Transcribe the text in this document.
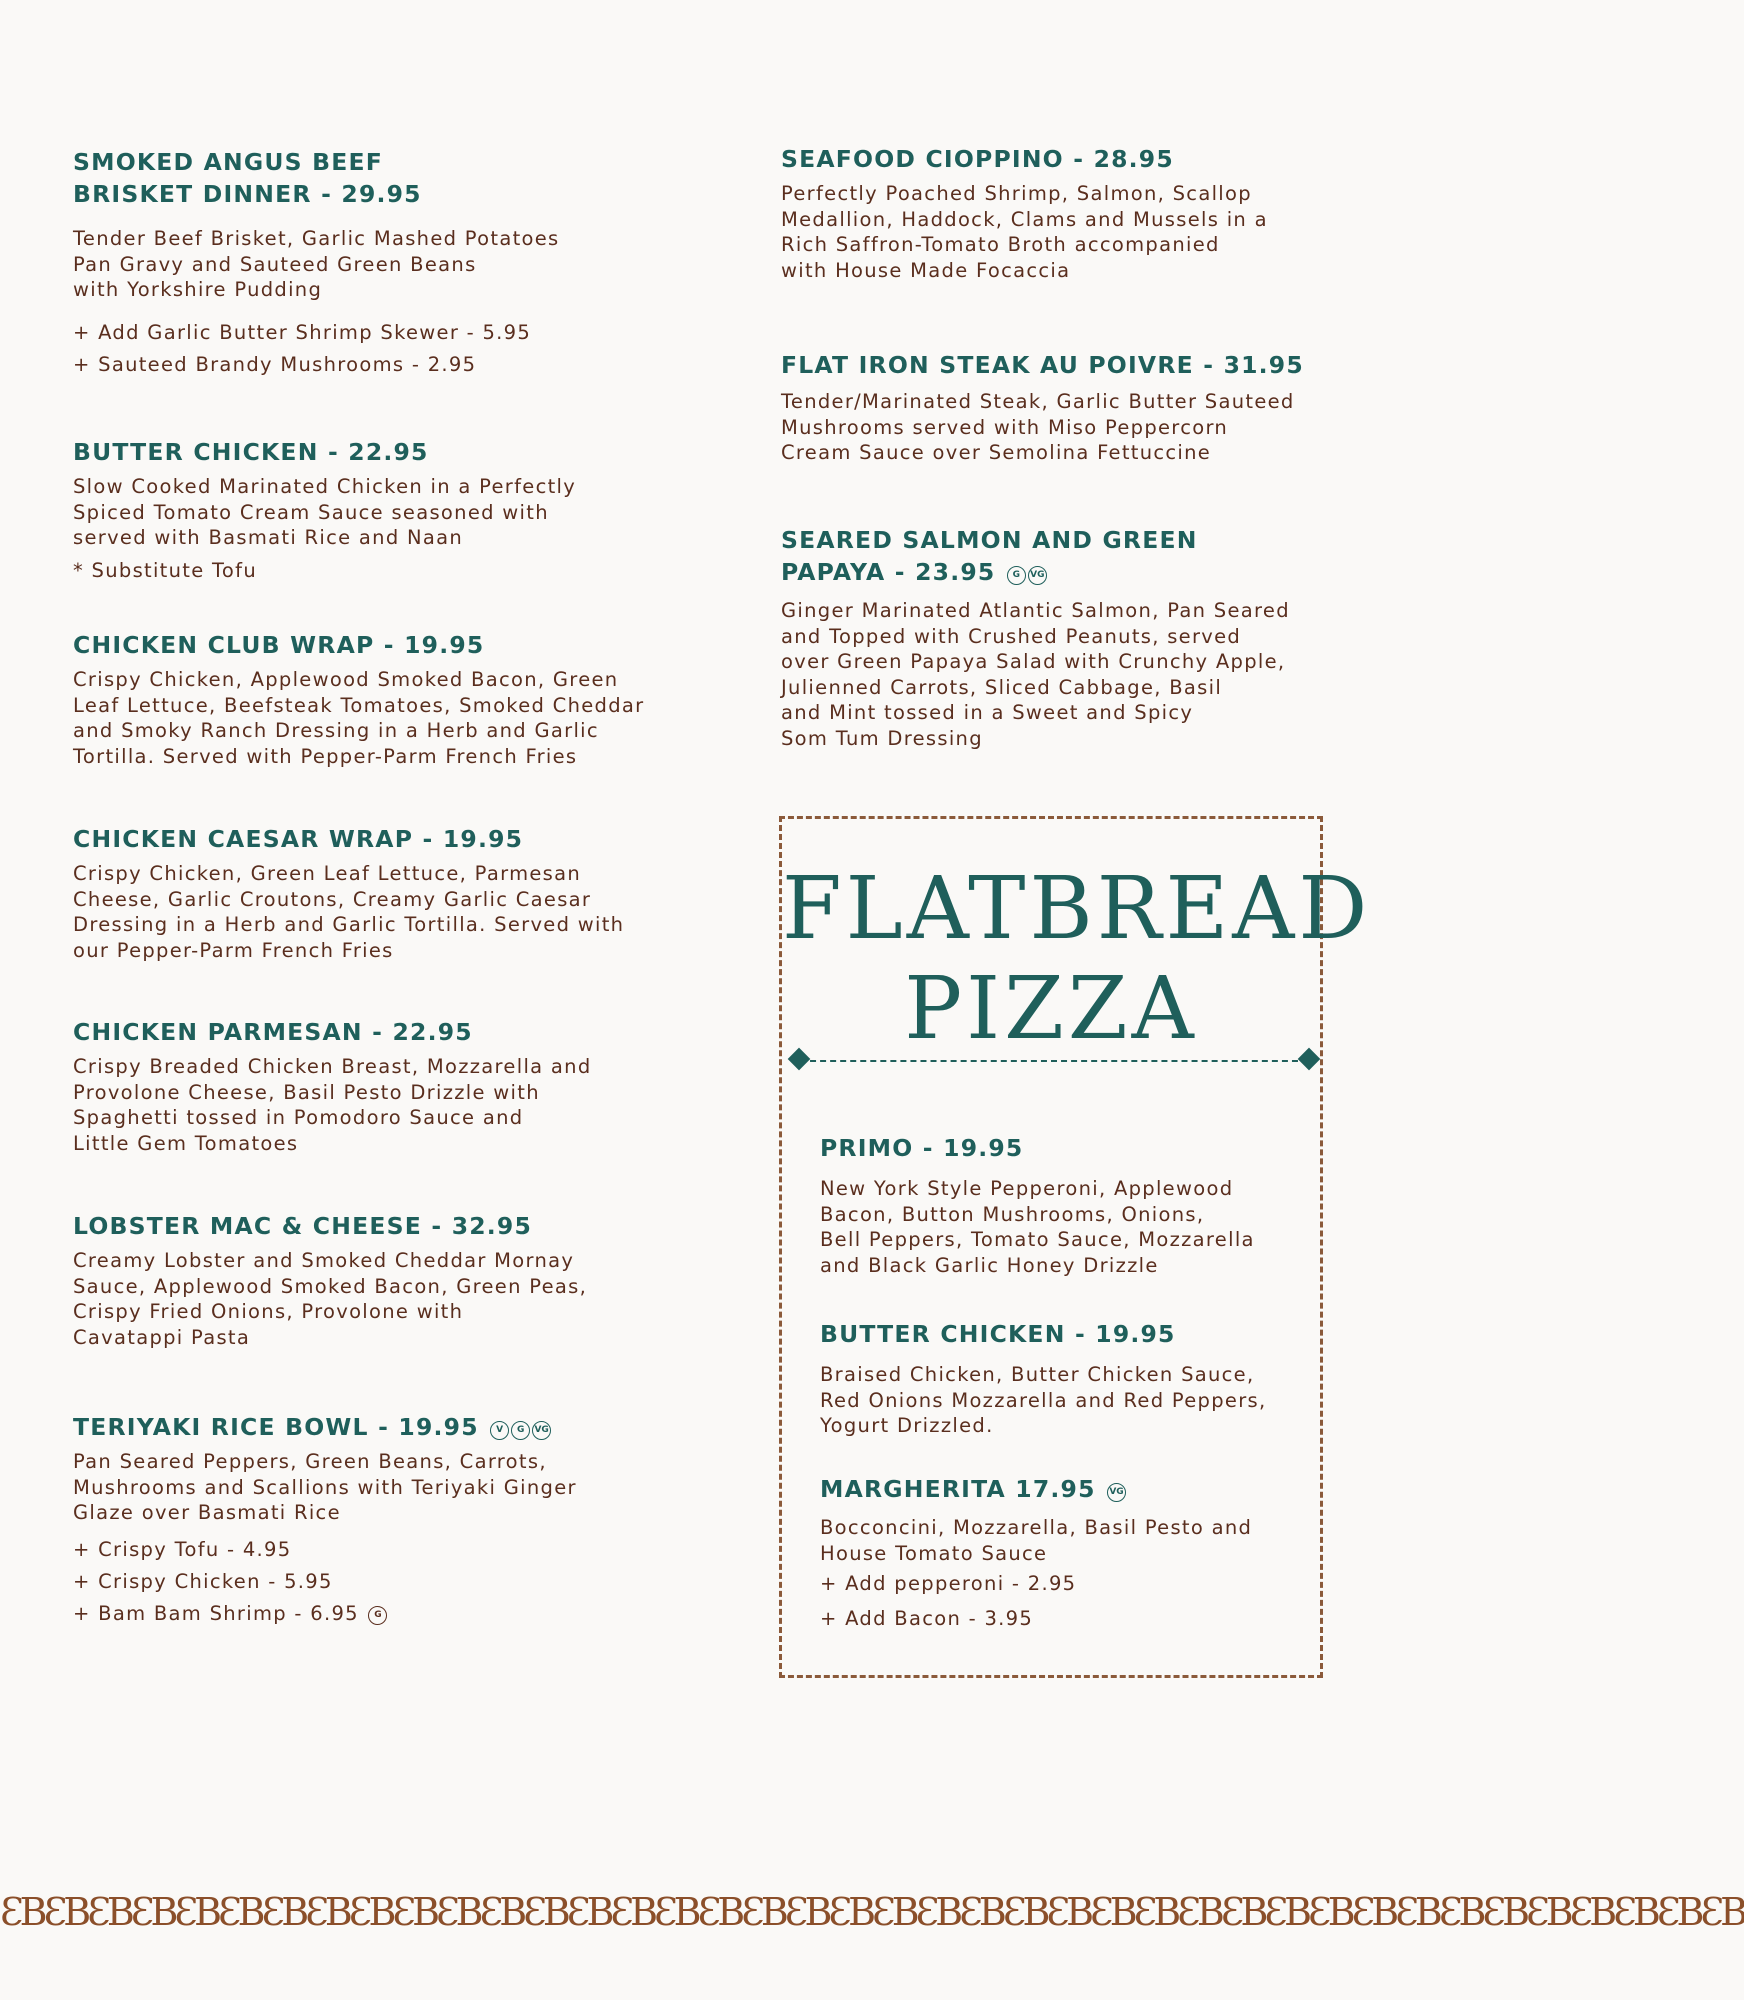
SMOKED ANGUS BEEF
BRISKET DINNER - 29.95
Tender Beef Brisket, Garlic Mashed Potatoes
Pan Gravy and Sauteed Green Beans
with Yorkshire Pudding
+ Add Garlic Butter Shrimp Skewer - 5.95
+ Sauteed Brandy Mushrooms - 2.95
BUTTER CHICKEN - 22.95
Slow Cooked Marinated Chicken in a Perfectly
Spiced Tomato Cream Sauce seasoned with
served with Basmati Rice and Naan
* Substitute Tofu
CHICKEN CLUB WRAP - 19.95
Crispy Chicken, Applewood Smoked Bacon, Green
Leaf Lettuce, Beefsteak Tomatoes, Smoked Cheddar
and Smoky Ranch Dressing in a Herb and Garlic
Tortilla. Served with Pepper-Parm French Fries
CHICKEN CAESAR WRAP - 19.95
Crispy Chicken, Green Leaf Lettuce, Parmesan
Cheese, Garlic Croutons, Creamy Garlic Caesar
Dressing in a Herb and Garlic Tortilla. Served with
our Pepper-Parm French Fries
CHICKEN PARMESAN - 22.95
Crispy Breaded Chicken Breast, Mozzarella and
Provolone Cheese, Basil Pesto Drizzle with
Spaghetti tossed in Pomodoro Sauce and
Little Gem Tomatoes
LOBSTER MAC & CHEESE - 32.95
Creamy Lobster and Smoked Cheddar Mornay
Sauce, Applewood Smoked Bacon, Green Peas,
Crispy Fried Onions, Provolone with
Cavatappi Pasta
TERIYAKI RICE BOWL - 19.95 V G VG
Pan Seared Peppers, Green Beans, Carrots,
Mushrooms and Scallions with Teriyaki Ginger
Glaze over Basmati Rice
+ Crispy Tofu - 4.95
+ Crispy Chicken - 5.95
+ Bam Bam Shrimp - 6.95 G
SEAFOOD CIOPPINO - 28.95
Perfectly Poached Shrimp, Salmon, Scallop
Medallion, Haddock, Clams and Mussels in a
Rich Saffron-Tomato Broth accompanied
with House Made Focaccia
FLAT IRON STEAK AU POIVRE - 31.95
Tender/Marinated Steak, Garlic Butter Sauteed
Mushrooms served with Miso Peppercorn
Cream Sauce over Semolina Fettuccine
SEARED SALMON AND GREEN
PAPAYA - 23.95 G VG
Ginger Marinated Atlantic Salmon, Pan Seared
and Topped with Crushed Peanuts, served
over Green Papaya Salad with Crunchy Apple,
Julienned Carrots, Sliced Cabbage, Basil
and Mint tossed in a Sweet and Spicy
Som Tum Dressing
FLATBREAD
PIZZA
PRIMO - 19.95
New York Style Pepperoni, Applewood
Bacon, Button Mushrooms, Onions,
Bell Peppers, Tomato Sauce, Mozzarella
and Black Garlic Honey Drizzle
BUTTER CHICKEN - 19.95
Braised Chicken, Butter Chicken Sauce,
Red Onions Mozzarella and Red Peppers,
Yogurt Drizzled.
MARGHERITA 17.95 VG
Bocconcini, Mozzarella, Basil Pesto and
House Tomato Sauce
+ Add pepperoni - 2.95
+ Add Bacon - 3.95
ƐBƐBƐBƐBƐBƐBƐBƐBƐBƐBƐBƐBƐBƐBƐBƐBƐBƐBƐBƐBƐBƐBƐBƐBƐBƐBƐBƐBƐBƐBƐBƐBƐBƐBƐBƐBƐBƐBƐBƐB
